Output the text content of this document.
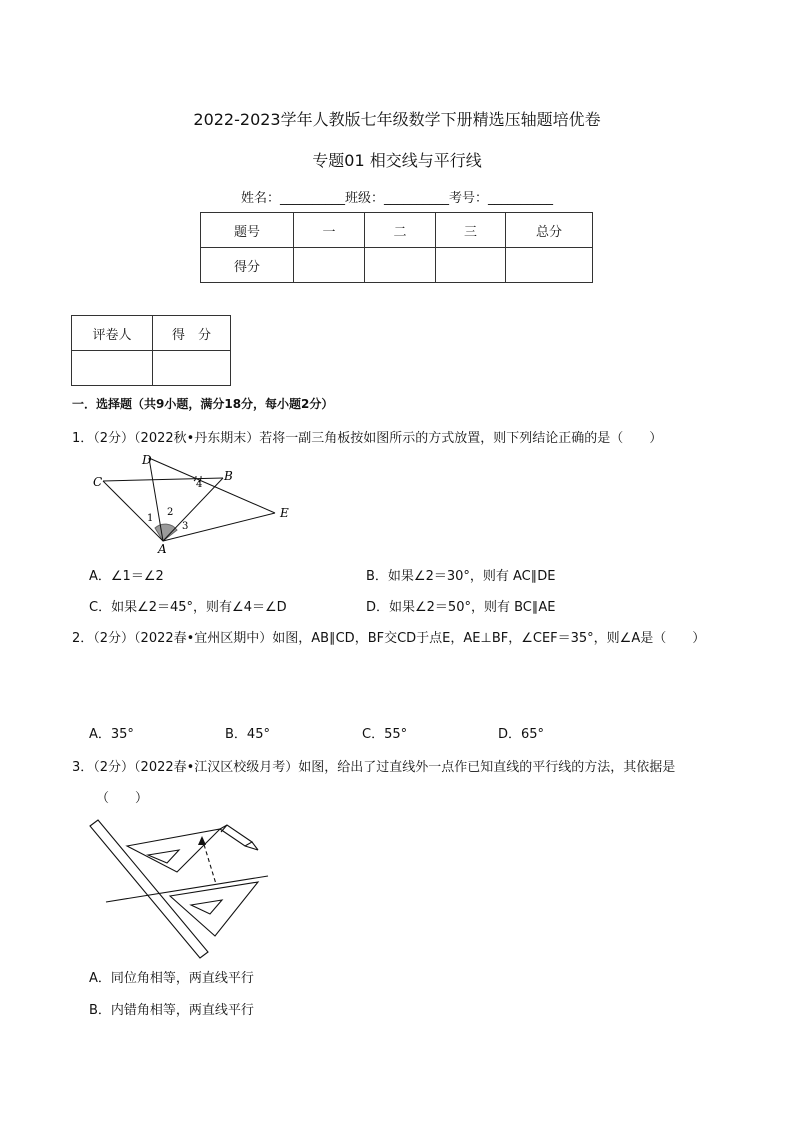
2022-2023学年人教版七年级数学下册精选压轴题培优卷
专题01 相交线与平行线
姓名：__________班级：__________考号：__________
题号	一	二	三	总分
得分				
评卷人	得　分

一．选择题（共9小题，满分18分，每小题2分）
1．（2分）（2022秋•丹东期末）若将一副三角板按如图所示的方式放置，则下列结论正确的是（　　）
C
D
B
E
A
1
2
3
4
A．∠1＝∠2	B．如果∠2＝30°，则有 AC∥DE
C．如果∠2＝45°，则有∠4＝∠D	D．如果∠2＝50°，则有 BC∥AE
2．（2分）（2022春•宜州区期中）如图，AB∥CD，BF交CD于点E，AE⊥BF，∠CEF＝35°，则∠A是（　　）
A．35°	B．45°	C．55°	D．65°
3．（2分）（2022春•江汉区校级月考）如图，给出了过直线外一点作已知直线的平行线的方法，其依据是
（　　）
A．同位角相等，两直线平行
B．内错角相等，两直线平行
